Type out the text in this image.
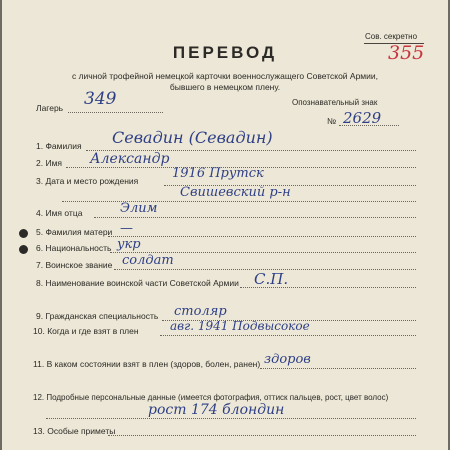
Сов. секретно
355
ПЕРЕВОД
с личной трофейной немецкой карточки военнослужащего Советской Армии,
бывшего в немецком плену.
Лагерь 349	Опознавательный знак
№ 2629
1. Фамилия Севадин (Севадин)
2. Имя Александр
3. Дата и место рождения	1916 Прутск
Свишевский р-н
4. Имя отца	Элим
5. Фамилия матери —
6. Национальность укр
7. Воинское звание солдат
8. Наименование воинской части Советской Армии С.П.
9. Гражданская специальность столяр
10. Когда и где взят в плен	авг. 1941 Подвысокое
11. В каком состоянии взят в плен (здоров, болен, ранен) здоров
12. Подробные персональные данные (имеется фотография, оттиск пальцев, рост, цвет волос)
рост 174 блондин
13. Особые приметы
